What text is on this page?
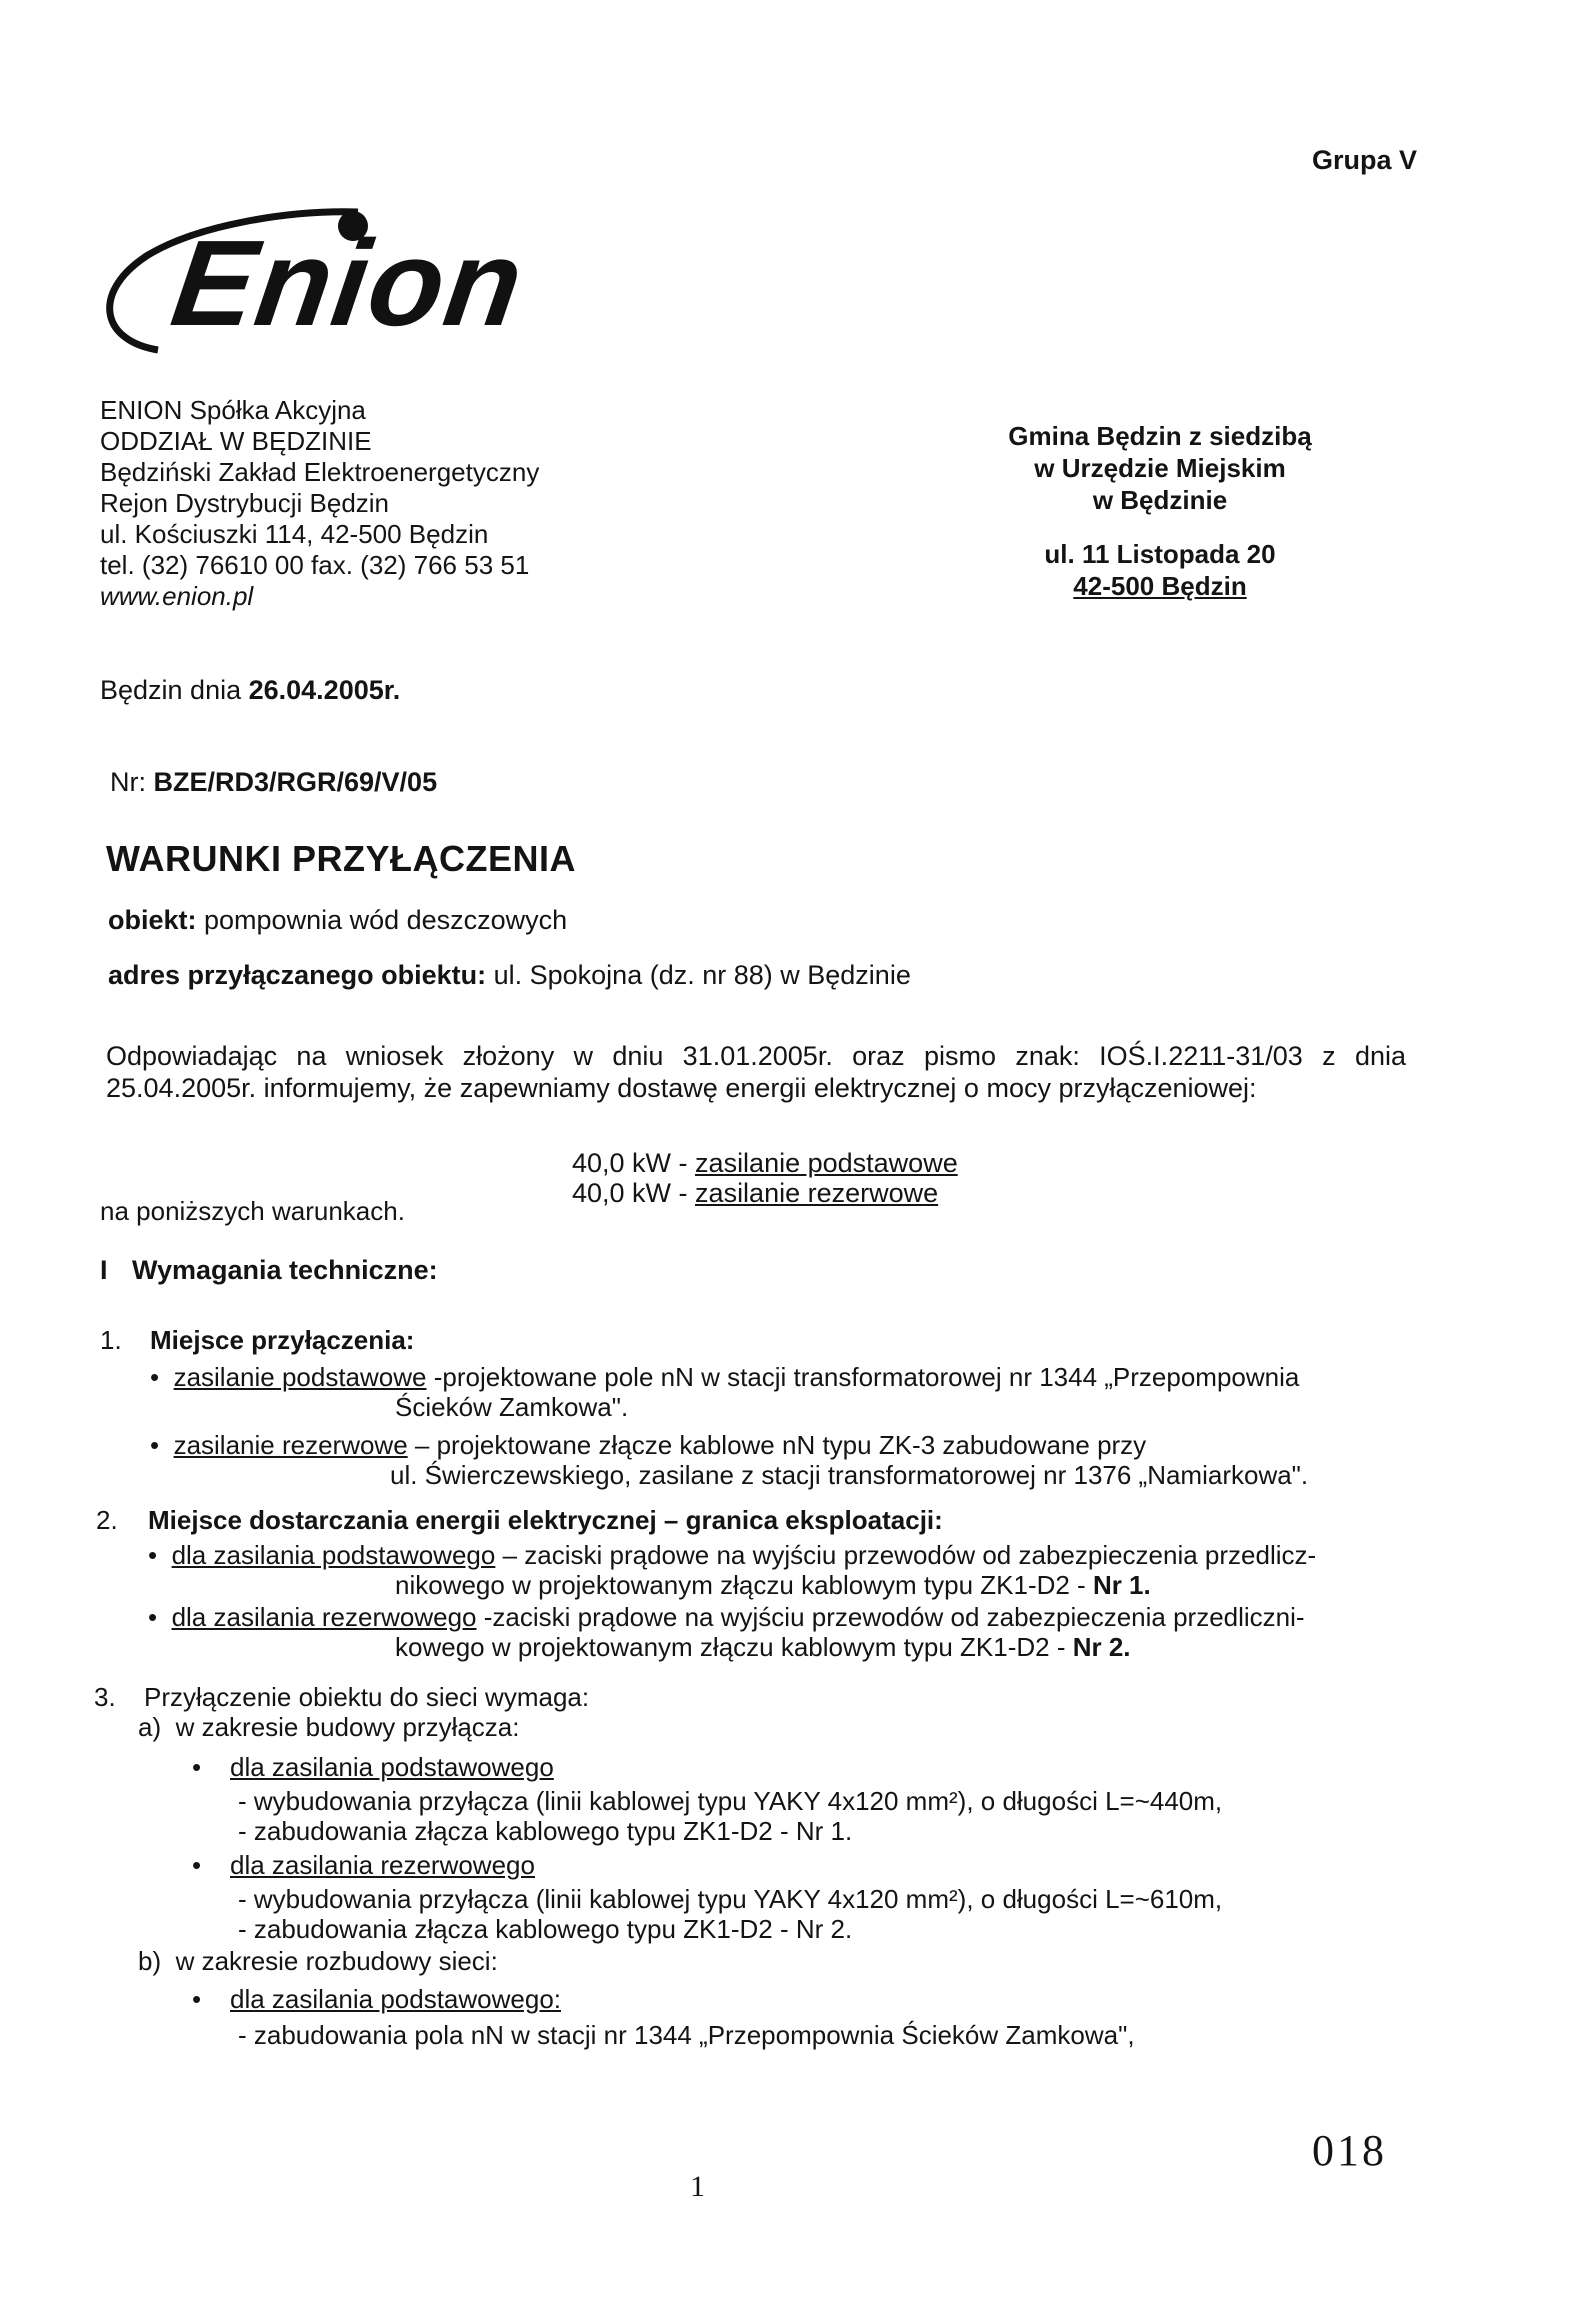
Grupa V
Enion
ENION Spółka Akcyjna
ODDZIAŁ W BĘDZINIE
Będziński Zakład Elektroenergetyczny
Rejon Dystrybucji Będzin
ul. Kościuszki 114, 42-500 Będzin
tel. (32) 76610 00 fax. (32) 766 53 51
www.enion.pl
Gmina Będzin z siedzibą
w Urzędzie Miejskim
w Będzinie
ul. 11 Listopada 20
42-500 Będzin
Będzin dnia 26.04.2005r.
Nr: BZE/RD3/RGR/69/V/05
WARUNKI PRZYŁĄCZENIA
obiekt: pompownia wód deszczowych
adres przyłączanego obiektu: ul. Spokojna (dz. nr 88) w Będzinie
Odpowiadając na wniosek złożony w dniu 31.01.2005r. oraz pismo znak: IOŚ.I.2211-31/03 z dnia 25.04.2005r. informujemy, że zapewniamy dostawę energii elektrycznej o mocy przyłączeniowej:
40,0 kW - zasilanie podstawowe
40,0 kW - zasilanie rezerwowe
na poniższych warunkach.
I Wymagania techniczne:
1. Miejsce przyłączenia:
• zasilanie podstawowe -projektowane pole nN w stacji transformatorowej nr 1344 „Przepompownia
Ścieków Zamkowa".
• zasilanie rezerwowe – projektowane złącze kablowe nN typu ZK-3 zabudowane przy
ul. Świerczewskiego, zasilane z stacji transformatorowej nr 1376 „Namiarkowa".
2. Miejsce dostarczania energii elektrycznej – granica eksploatacji:
• dla zasilania podstawowego – zaciski prądowe na wyjściu przewodów od zabezpieczenia przedlicz-
nikowego w projektowanym złączu kablowym typu ZK1-D2 - Nr 1.
• dla zasilania rezerwowego -zaciski prądowe na wyjściu przewodów od zabezpieczenia przedliczni-
kowego w projektowanym złączu kablowym typu ZK1-D2 - Nr 2.
3. Przyłączenie obiektu do sieci wymaga:
a) w zakresie budowy przyłącza:
• dla zasilania podstawowego
- wybudowania przyłącza (linii kablowej typu YAKY 4x120 mm²), o długości L=~440m,
- zabudowania złącza kablowego typu ZK1-D2 - Nr 1.
• dla zasilania rezerwowego
- wybudowania przyłącza (linii kablowej typu YAKY 4x120 mm²), o długości L=~610m,
- zabudowania złącza kablowego typu ZK1-D2 - Nr 2.
b) w zakresie rozbudowy sieci:
• dla zasilania podstawowego:
- zabudowania pola nN w stacji nr 1344 „Przepompownia Ścieków Zamkowa",
1
018
